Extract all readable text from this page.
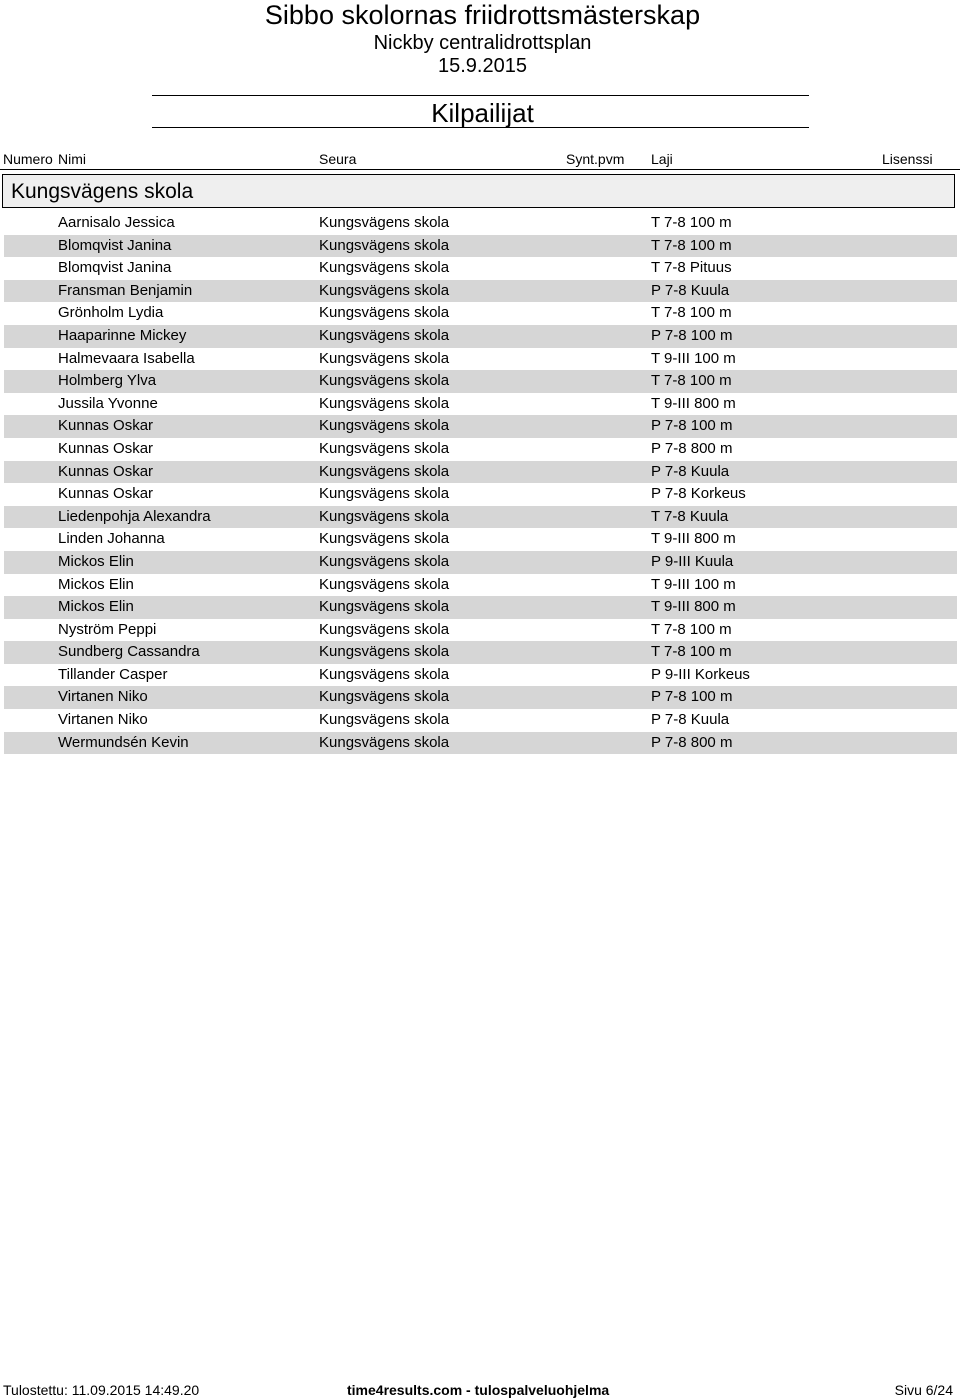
Sibbo skolornas friidrottsmästerskap
Nickby centralidrottsplan
15.9.2015
Kilpailijat
Numero Nimi	Seura	Synt.pvm Laji	Lisenssi
Kungsvägens skola
Aarnisalo Jessica	Kungsvägens skola	T 7-8 100 m
Blomqvist Janina	Kungsvägens skola	T 7-8 100 m
Blomqvist Janina	Kungsvägens skola	T 7-8 Pituus
Fransman Benjamin	Kungsvägens skola	P 7-8 Kuula
Grönholm Lydia	Kungsvägens skola	T 7-8 100 m
Haaparinne Mickey	Kungsvägens skola	P 7-8 100 m
Halmevaara Isabella	Kungsvägens skola	T 9-III 100 m
Holmberg Ylva	Kungsvägens skola	T 7-8 100 m
Jussila Yvonne	Kungsvägens skola	T 9-III 800 m
Kunnas Oskar	Kungsvägens skola	P 7-8 100 m
Kunnas Oskar	Kungsvägens skola	P 7-8 800 m
Kunnas Oskar	Kungsvägens skola	P 7-8 Kuula
Kunnas Oskar	Kungsvägens skola	P 7-8 Korkeus
Liedenpohja Alexandra	Kungsvägens skola	T 7-8 Kuula
Linden Johanna	Kungsvägens skola	T 9-III 800 m
Mickos Elin	Kungsvägens skola	P 9-III Kuula
Mickos Elin	Kungsvägens skola	T 9-III 100 m
Mickos Elin	Kungsvägens skola	T 9-III 800 m
Nyström Peppi	Kungsvägens skola	T 7-8 100 m
Sundberg Cassandra	Kungsvägens skola	T 7-8 100 m
Tillander Casper	Kungsvägens skola	P 9-III Korkeus
Virtanen Niko	Kungsvägens skola	P 7-8 100 m
Virtanen Niko	Kungsvägens skola	P 7-8 Kuula
Wermundsén Kevin	Kungsvägens skola	P 7-8 800 m
Tulostettu: 11.09.2015 14:49.20	time4results.com - tulospalveluohjelma	Sivu 6/24
